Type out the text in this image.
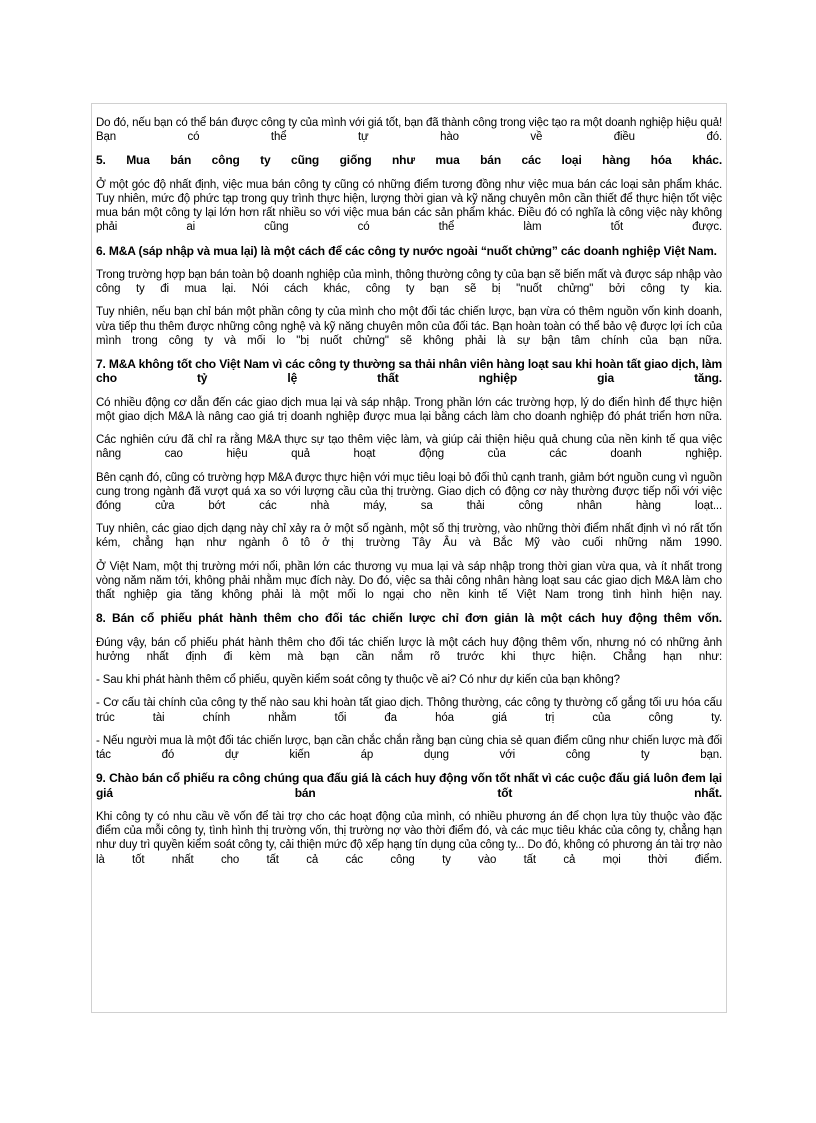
Do đó, nếu bạn có thể bán được công ty của mình với giá tốt, bạn đã thành công trong việc tạo ra một doanh nghiệp hiệu quả! Bạn có thể tự hào về điều đó.

5. Mua bán công ty cũng giống như mua bán các loại hàng hóa khác.

Ở một góc độ nhất định, việc mua bán công ty cũng có những điểm tương đồng như việc mua bán các loại sản phẩm khác. Tuy nhiên, mức độ phức tạp trong quy trình thực hiện, lượng thời gian và kỹ năng chuyên môn cần thiết để thực hiện tốt việc mua bán một công ty lại lớn hơn rất nhiều so với việc mua bán các sản phẩm khác. Điều đó có nghĩa là công việc này không phải ai cũng có thể làm tốt được.

6. M&A (sáp nhập và mua lại) là một cách để các công ty nước ngoài “nuốt chửng” các doanh nghiệp Việt Nam.

Trong trường hợp bạn bán toàn bộ doanh nghiệp của mình, thông thường công ty của bạn sẽ biến mất và được sáp nhập vào công ty đi mua lại. Nói cách khác, công ty bạn sẽ bị "nuốt chửng" bởi công ty kia.

Tuy nhiên, nếu bạn chỉ bán một phần công ty của mình cho một đối tác chiến lược, bạn vừa có thêm nguồn vốn kinh doanh, vừa tiếp thu thêm được những công nghệ và kỹ năng chuyên môn của đối tác. Bạn hoàn toàn có thể bảo vệ được lợi ích của mình trong công ty và mối lo "bị nuốt chửng" sẽ không phải là sự bận tâm chính của bạn nữa.

7. M&A không tốt cho Việt Nam vì các công ty thường sa thải nhân viên hàng loạt sau khi hoàn tất giao dịch, làm cho tỷ lệ thất nghiệp gia tăng.

Có nhiều động cơ dẫn đến các giao dịch mua lại và sáp nhập. Trong phần lớn các trường hợp, lý do điển hình để thực hiện một giao dịch M&A là nâng cao giá trị doanh nghiệp được mua lại bằng cách làm cho doanh nghiệp đó phát triển hơn nữa.

Các nghiên cứu đã chỉ ra rằng M&A thực sự tạo thêm việc làm, và giúp cải thiện hiệu quả chung của nền kinh tế qua việc nâng cao hiệu quả hoạt động của các doanh nghiệp.

Bên cạnh đó, cũng có trường hợp M&A được thực hiện với mục tiêu loại bỏ đối thủ cạnh tranh, giảm bớt nguồn cung vì nguồn cung trong ngành đã vượt quá xa so với lượng cầu của thị trường. Giao dịch có động cơ này thường được tiếp nối với việc đóng cửa bớt các nhà máy, sa thải công nhân hàng loạt...

Tuy nhiên, các giao dịch dạng này chỉ xảy ra ở một số ngành, một số thị trường, vào những thời điểm nhất định vì nó rất tốn kém, chẳng hạn như ngành ô tô ở thị trường Tây Âu và Bắc Mỹ vào cuối những năm 1990.

Ở Việt Nam, một thị trường mới nổi, phần lớn các thương vụ mua lại và sáp nhập trong thời gian vừa qua, và ít nhất trong vòng năm năm tới, không phải nhằm mục đích này. Do đó, việc sa thải công nhân hàng loạt sau các giao dịch M&A làm cho thất nghiệp gia tăng không phải là một mối lo ngại cho nền kinh tế Việt Nam trong tình hình hiện nay.

8. Bán cổ phiếu phát hành thêm cho đối tác chiến lược chỉ đơn giản là một cách huy động thêm vốn.

Đúng vậy, bán cổ phiếu phát hành thêm cho đối tác chiến lược là một cách huy động thêm vốn, nhưng nó có những ảnh hưởng nhất định đi kèm mà bạn cần nắm rõ trước khi thực hiện. Chẳng hạn như:

- Sau khi phát hành thêm cổ phiếu, quyền kiểm soát công ty thuộc về ai? Có như dự kiến của bạn không?

- Cơ cấu tài chính của công ty thế nào sau khi hoàn tất giao dịch. Thông thường, các công ty thường cố gắng tối ưu hóa cấu trúc tài chính nhằm tối đa hóa giá trị của công ty.

- Nếu người mua là một đối tác chiến lược, bạn cần chắc chắn rằng bạn cùng chia sẻ quan điểm cũng như chiến lược mà đối tác đó dự kiến áp dụng với công ty bạn.

9. Chào bán cổ phiếu ra công chúng qua đấu giá là cách huy động vốn tốt nhất vì các cuộc đấu giá luôn đem lại giá bán tốt nhất.

Khi công ty có nhu cầu về vốn để tài trợ cho các hoạt động của mình, có nhiều phương án để chọn lựa tùy thuộc vào đặc điểm của mỗi công ty, tình hình thị trường vốn, thị trường nợ vào thời điểm đó, và các mục tiêu khác của công ty, chẳng hạn như duy trì quyền kiểm soát công ty, cải thiện mức độ xếp hạng tín dụng của công ty... Do đó, không có phương án tài trợ nào là tốt nhất cho tất cả các công ty vào tất cả mọi thời điểm.
